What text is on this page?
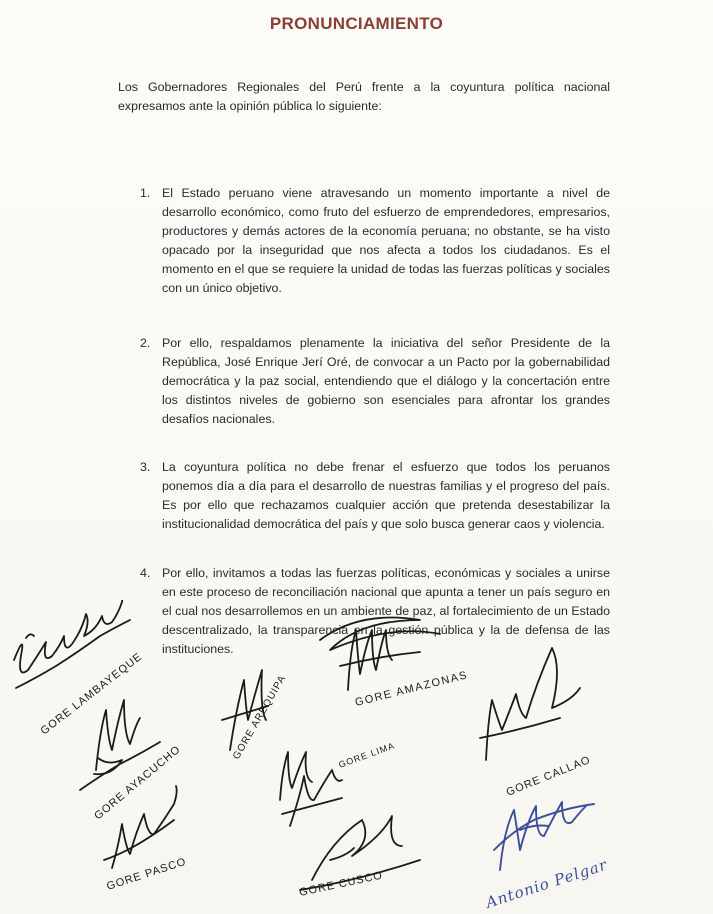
PRONUNCIAMIENTO
Los Gobernadores Regionales del Perú frente a la coyuntura política nacional expresamos ante la opinión pública lo siguiente:
1. El Estado peruano viene atravesando un momento importante a nivel de desarrollo económico, como fruto del esfuerzo de emprendedores, empresarios, productores y demás actores de la economía peruana; no obstante, se ha visto opacado por la inseguridad que nos afecta a todos los ciudadanos. Es el momento en el que se requiere la unidad de todas las fuerzas políticas y sociales con un único objetivo.
2. Por ello, respaldamos plenamente la iniciativa del señor Presidente de la República, José Enrique Jerí Oré, de convocar a un Pacto por la gobernabilidad democrática y la paz social, entendiendo que el diálogo y la concertación entre los distintos niveles de gobierno son esenciales para afrontar los grandes desafíos nacionales.
3. La coyuntura política no debe frenar el esfuerzo que todos los peruanos ponemos día a día para el desarrollo de nuestras familias y el progreso del país. Es por ello que rechazamos cualquier acción que pretenda desestabilizar la institucionalidad democrática del país y que solo busca generar caos y violencia.
4. Por ello, invitamos a todas las fuerzas políticas, económicas y sociales a unirse en este proceso de reconciliación nacional que apunta a tener un país seguro en el cual nos desarrollemos en un ambiente de paz, al fortalecimiento de un Estado descentralizado, la transparencia en la gestión pública y la de defensa de las instituciones.
GORE LAMBAYEQUE
GORE AYACUCHO
GORE PASCO
GORE AREQUIPA	GORE AMAZONAS
GORE LIMA
GORE CUSCO
GORE CALLAO
Antonio Pelgar
